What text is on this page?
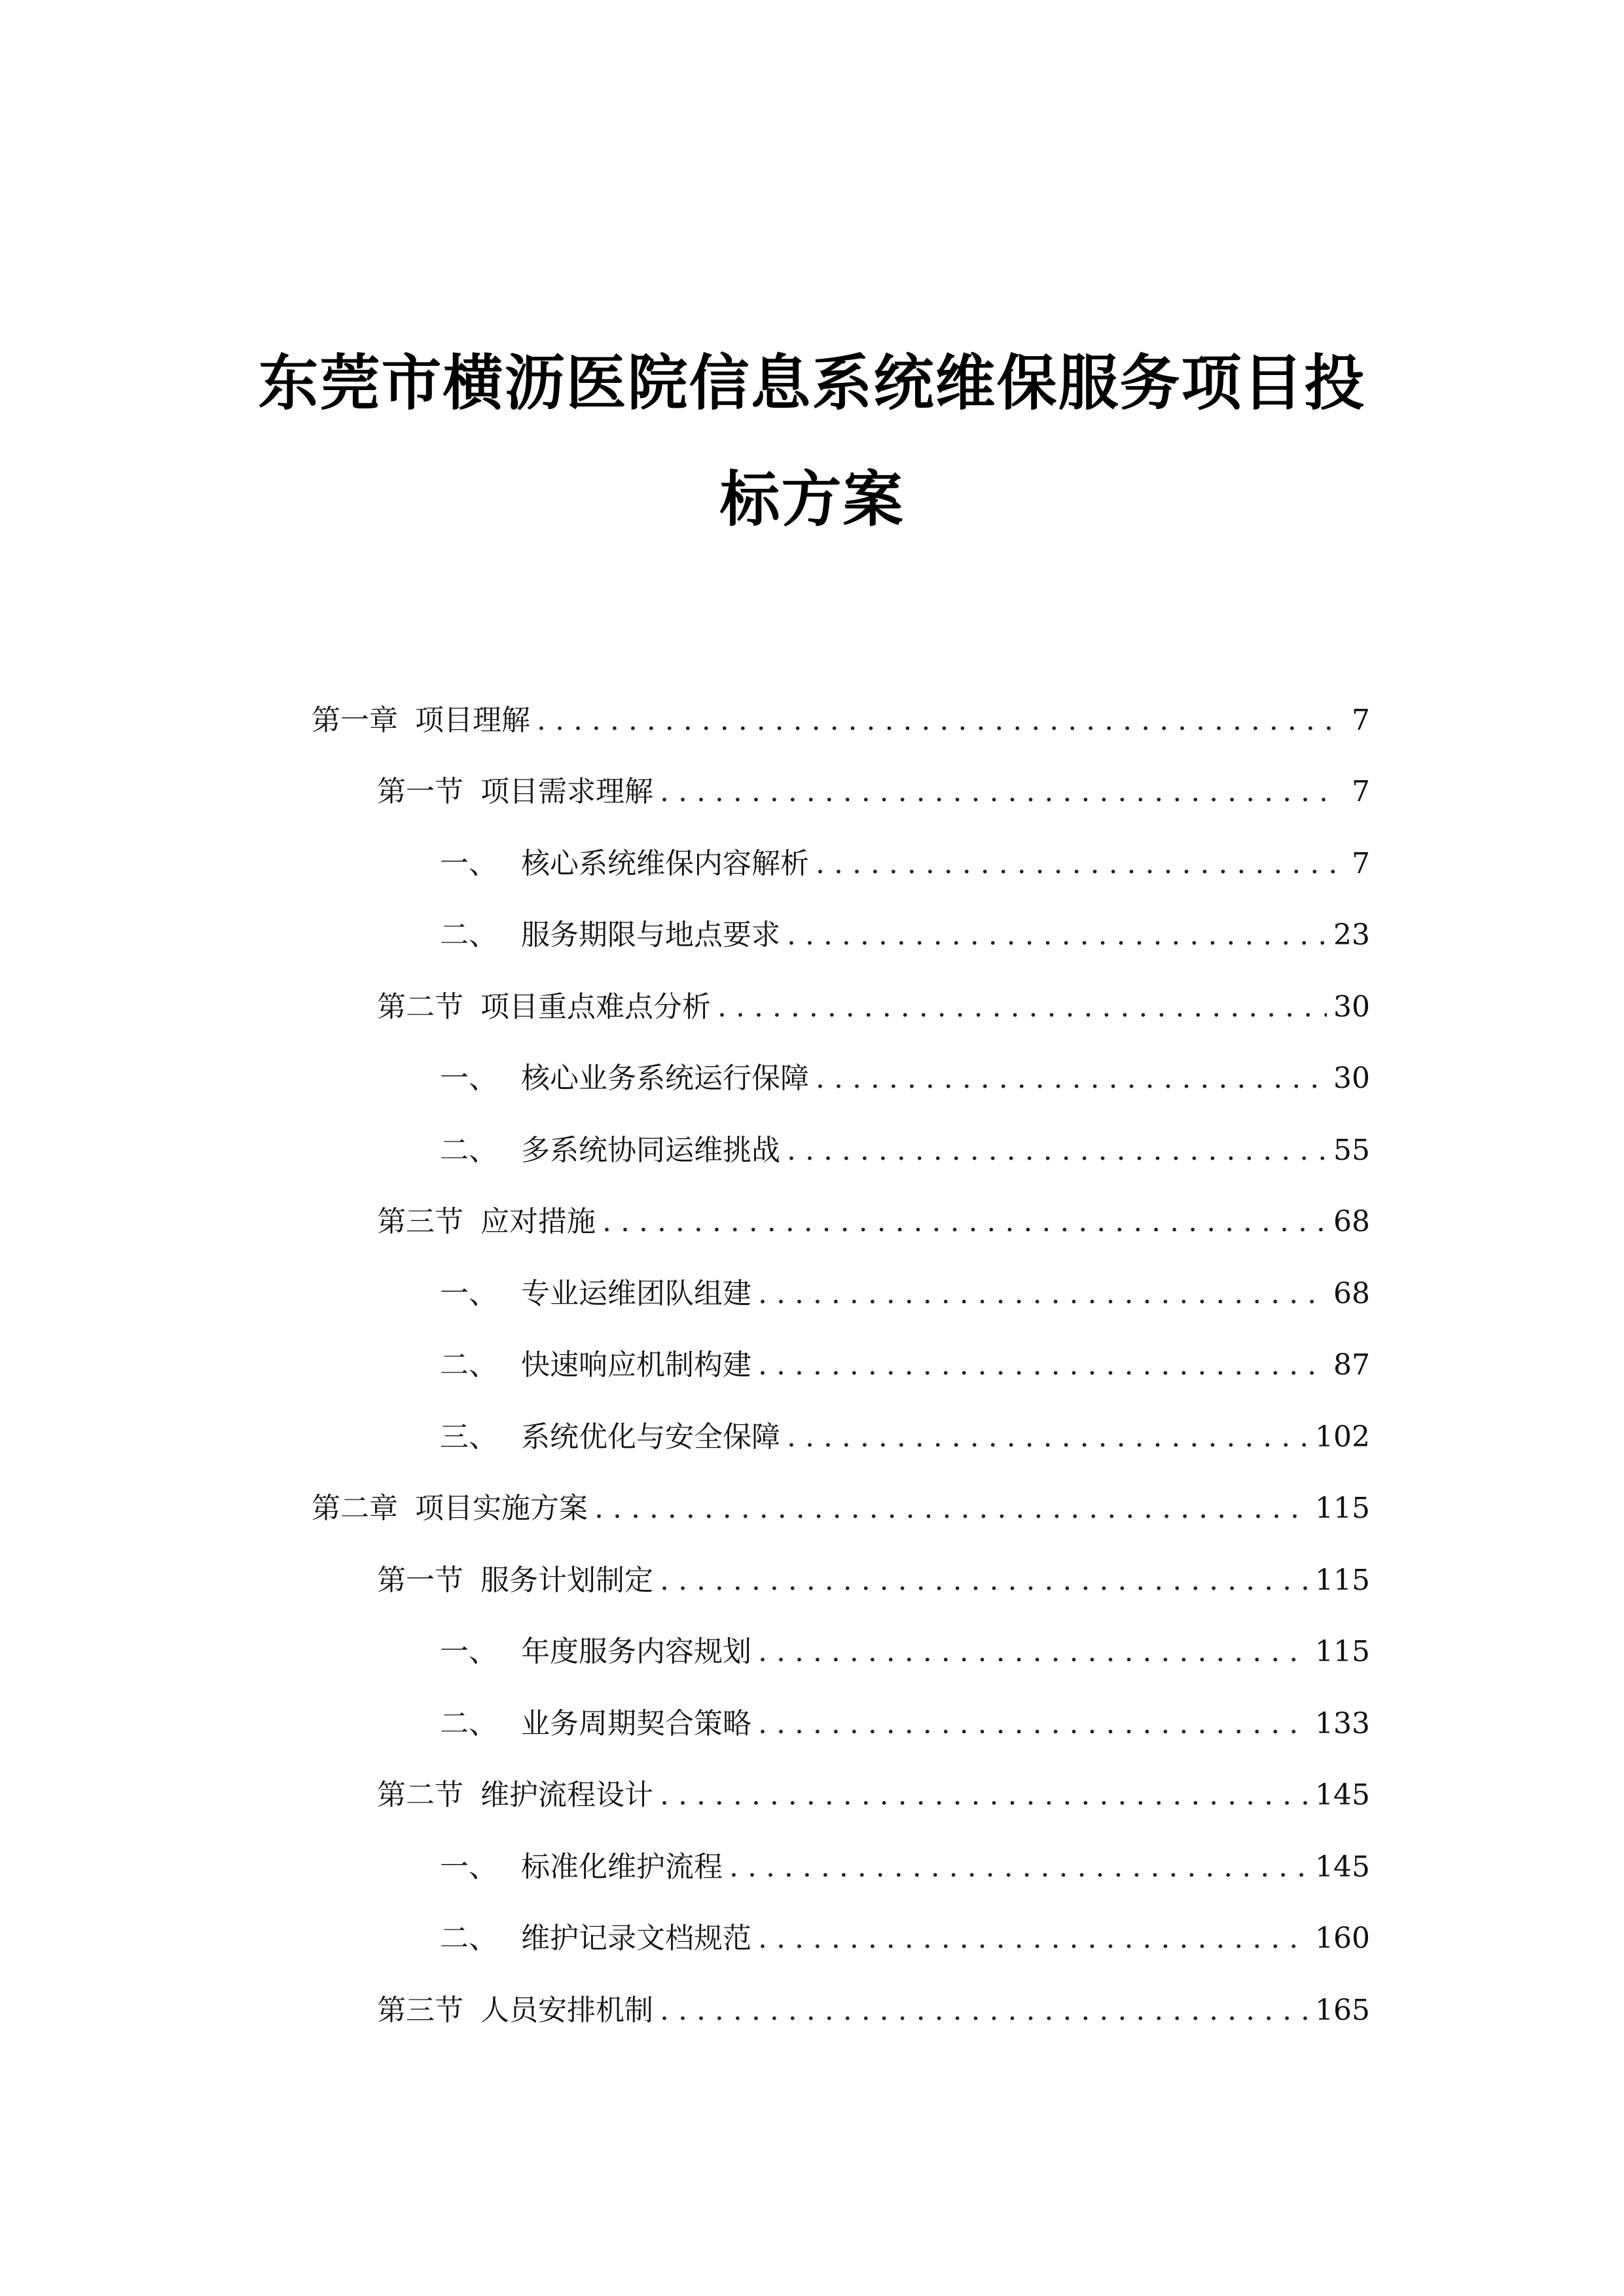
东莞市横沥医院信息系统维保服务项目投
标方案
第一章 项目理解 . . .	7
第一节 项目需求理解 . . .	7
一、 核心系统维保内容解析 . . .	7
二、 服务期限与地点要求 . . .	23
第二节 项目重点难点分析 . . .	30
一、 核心业务系统运行保障 . . .	30
二、 多系统协同运维挑战 . . .	55
第三节 应对措施 . . .	68
一、 专业运维团队组建 . . .	68
二、 快速响应机制构建 . . .	87
三、 系统优化与安全保障 . . .	102
第二章 项目实施方案 . . .	115
第一节 服务计划制定 . . .	115
一、 年度服务内容规划 . . .	115
二、 业务周期契合策略 . . .	133
第二节 维护流程设计 . . .	145
一、 标准化维护流程 . . .	145
二、 维护记录文档规范 . . .	160
第三节 人员安排机制 . . .	165
